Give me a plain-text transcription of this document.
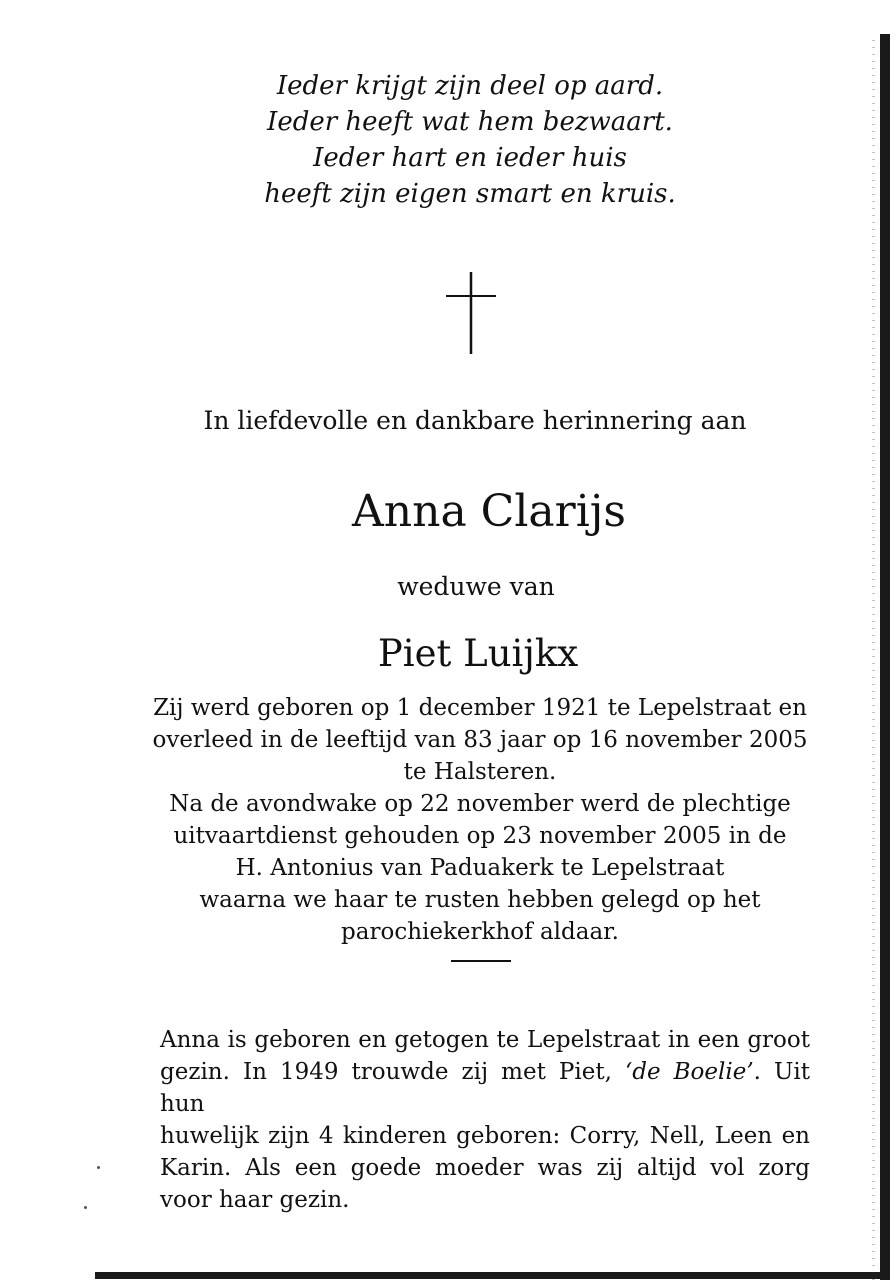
Ieder krijgt zijn deel op aard.
Ieder heeft wat hem bezwaart.
Ieder hart en ieder huis
heeft zijn eigen smart en kruis.
In liefdevolle en dankbare herinnering aan
Anna Clarijs
weduwe van
Piet Luijkx
Zij werd geboren op 1 december 1921 te Lepelstraat en
overleed in de leeftijd van 83 jaar op 16 november 2005
te Halsteren.
Na de avondwake op 22 november werd de plechtige
uitvaartdienst gehouden op 23 november 2005 in de
H. Antonius van Paduakerk te Lepelstraat
waarna we haar te rusten hebben gelegd op het
parochiekerkhof aldaar.
Anna is geboren en getogen te Lepelstraat in een groot
gezin. In 1949 trouwde zij met Piet, ‘de Boelie’. Uit hun
huwelijk zijn 4 kinderen geboren: Corry, Nell, Leen en
Karin. Als een goede moeder was zij altijd vol zorg
voor haar gezin.
